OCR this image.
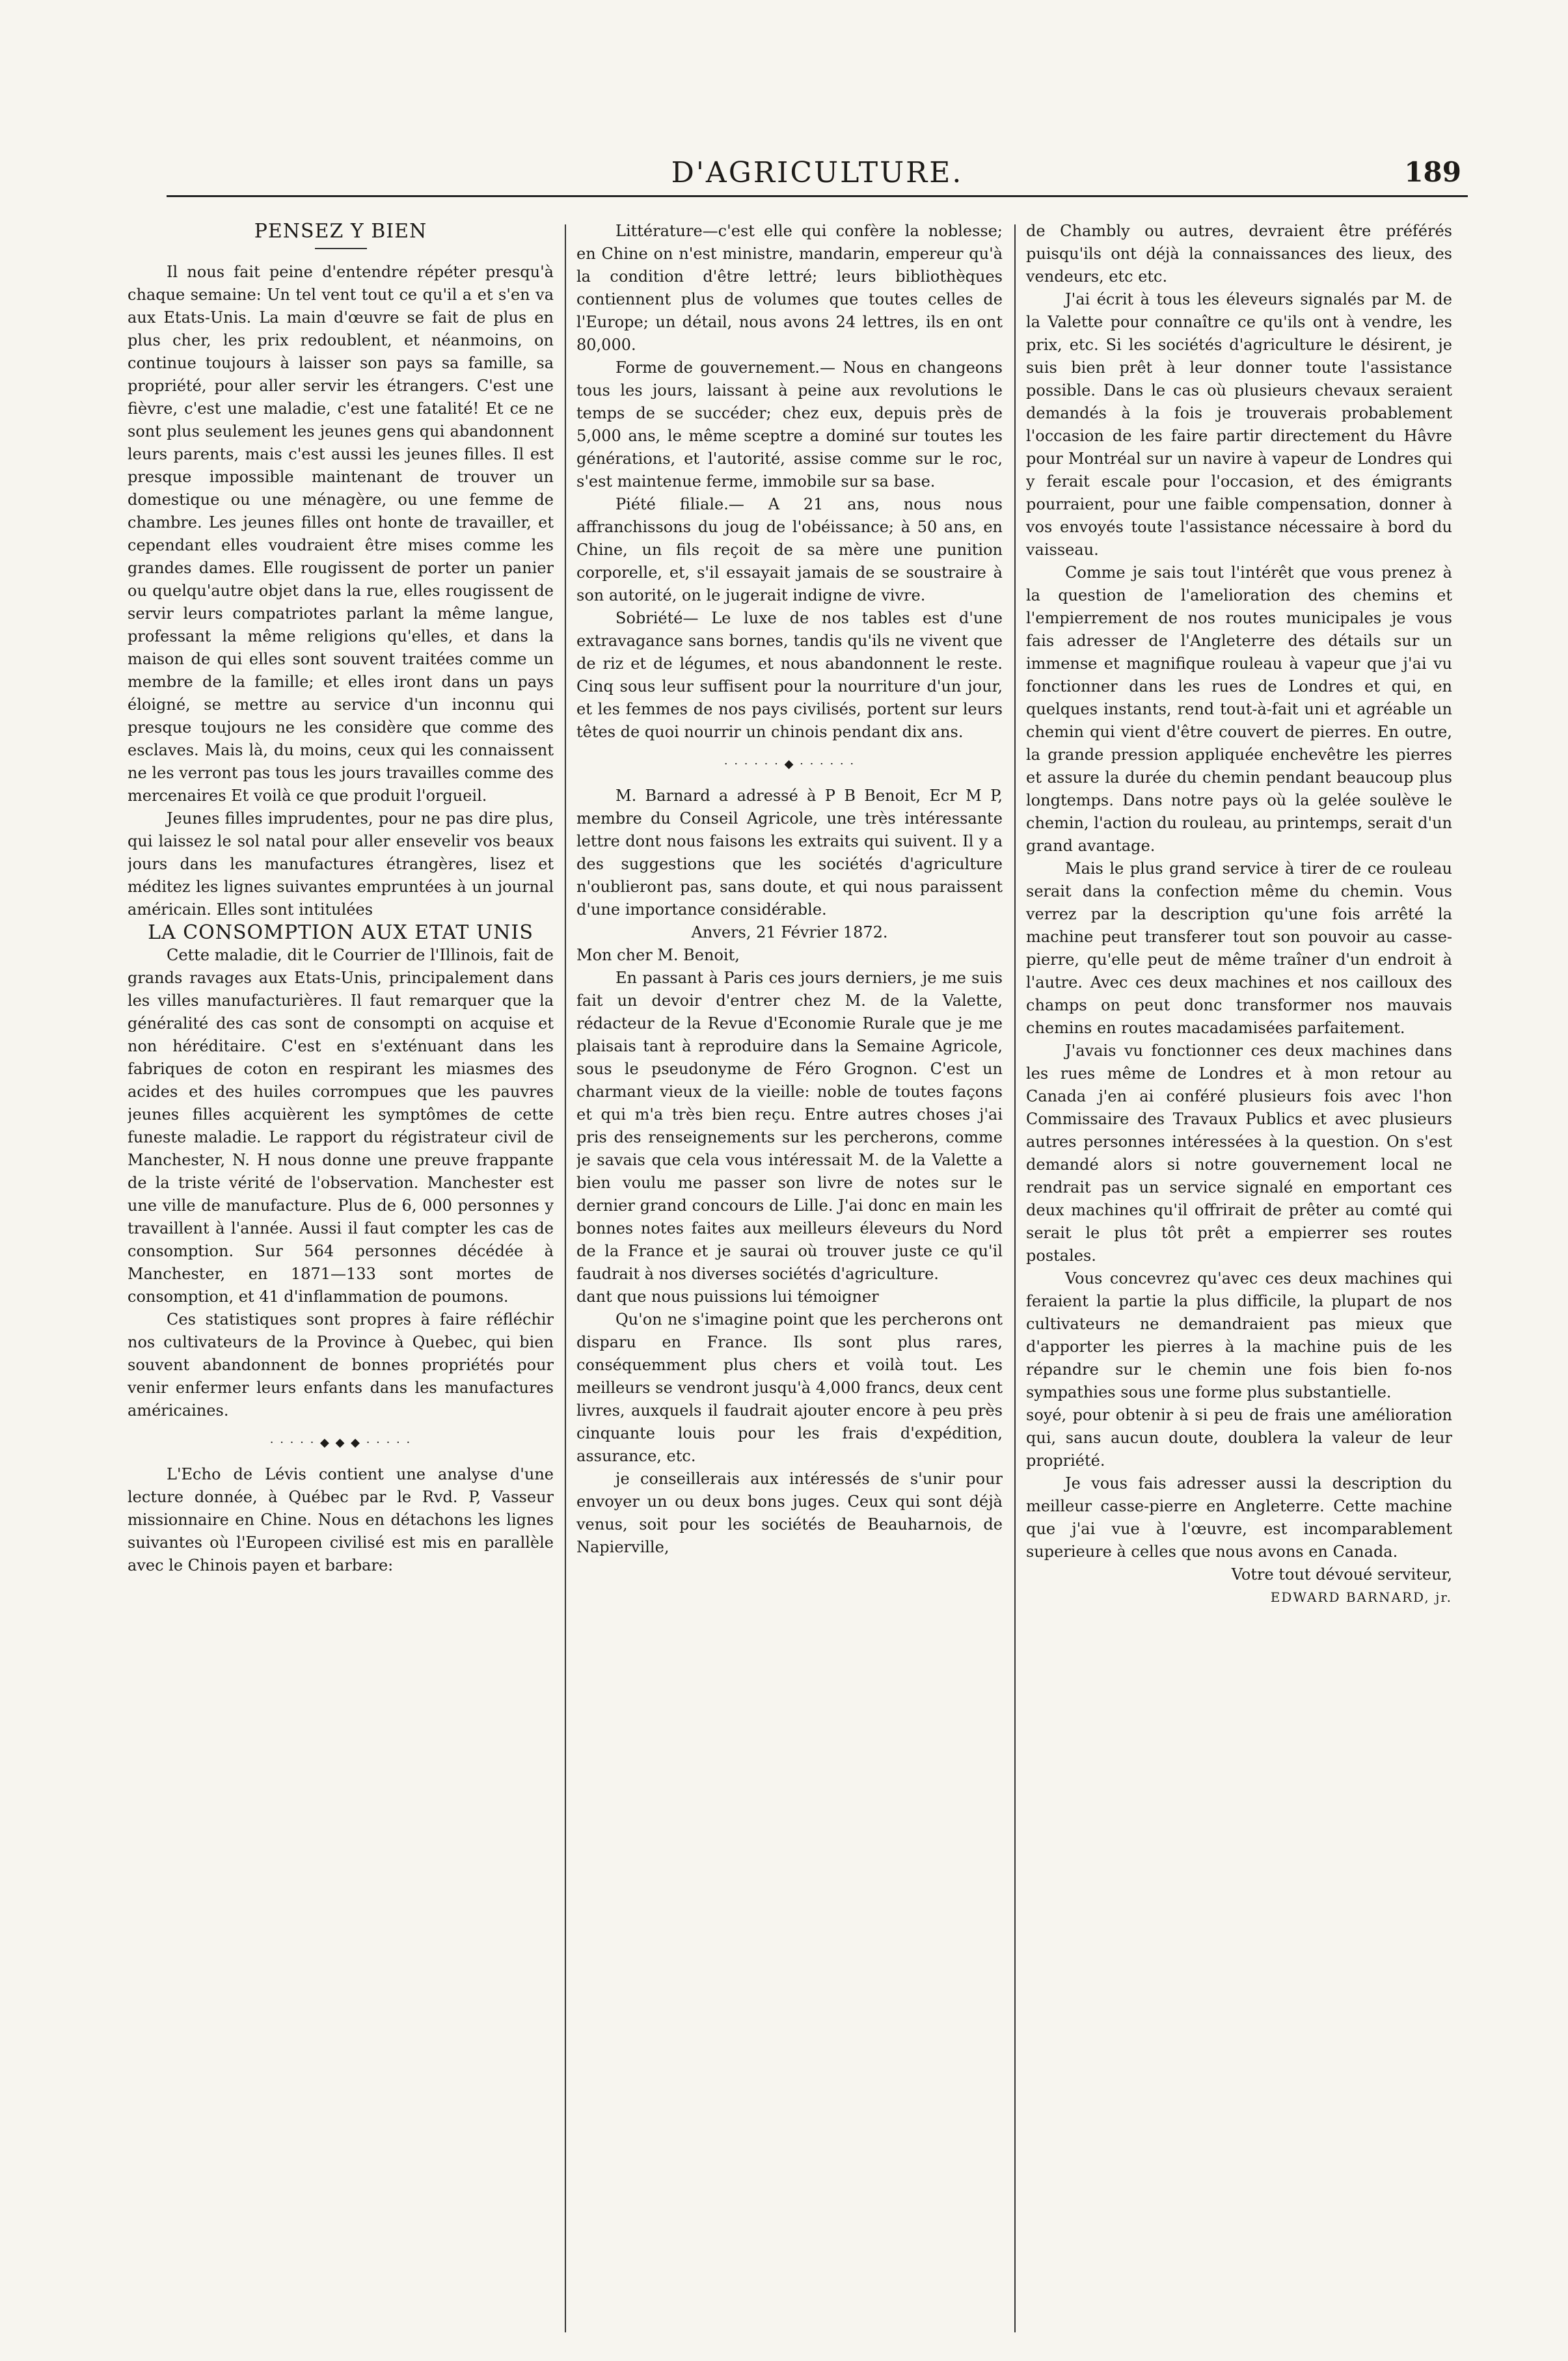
D'AGRICULTURE.	189

PENSEZ Y BIEN

Il nous fait peine d'entendre répéter presqu'à chaque semaine: Un tel vent tout ce qu'il a et s'en va aux Etats-Unis. La main d'œuvre se fait de plus en plus cher, les prix redoublent, et néanmoins, on continue toujours à laisser son pays sa famille, sa propriété, pour aller servir les étrangers. C'est une fièvre, c'est une maladie, c'est une fatalité! Et ce ne sont plus seulement les jeunes gens qui abandonnent leurs parents, mais c'est aussi les jeunes filles. Il est presque impossible maintenant de trouver un domestique ou une ménagère, ou une femme de chambre. Les jeunes filles ont honte de travailler, et cependant elles voudraient être mises comme les grandes dames. Elle rougissent de porter un panier ou quelqu'autre objet dans la rue, elles rougissent de servir leurs compatriotes parlant la même langue, professant la même religions qu'elles, et dans la maison de qui elles sont souvent traitées comme un membre de la famille; et elles iront dans un pays éloigné, se mettre au service d'un inconnu qui presque toujours ne les considère que comme des esclaves. Mais là, du moins, ceux qui les connaissent ne les verront pas tous les jours travailles comme des mercenaires Et voilà ce que produit l'orgueil.

Jeunes filles imprudentes, pour ne pas dire plus, qui laissez le sol natal pour aller ensevelir vos beaux jours dans les manufactures étrangères, lisez et méditez les lignes suivantes empruntées à un journal américain. Elles sont intitulées

LA CONSOMPTION AUX ETAT UNIS

Cette maladie, dit le Courrier de l'Illinois, fait de grands ravages aux Etats-Unis, principalement dans les villes manufacturières. Il faut remarquer que la généralité des cas sont de consompti on acquise et non héréditaire. C'est en s'exténuant dans les fabriques de coton en respirant les miasmes des acides et des huiles corrompues que les pauvres jeunes filles acquièrent les symptômes de cette funeste maladie. Le rapport du régistrateur civil de Manchester, N. H nous donne une preuve frappante de la triste vérité de l'observation. Manchester est une ville de manufacture. Plus de 6, 000 personnes y travaillent à l'année. Aussi il faut compter les cas de consomption. Sur 564 personnes décédée à Manchester, en 1871—133 sont mortes de consomption, et 41 d'inflammation de poumons.

Ces statistiques sont propres à faire réfléchir nos cultivateurs de la Province à Quebec, qui bien souvent abandonnent de bonnes propriétés pour venir enfermer leurs enfants dans les manufactures américaines.

· · · · · ◆ ◆ ◆ · · · · ·

L'Echo de Lévis contient une analyse d'une lecture donnée, à Québec par le Rvd. P, Vasseur missionnaire en Chine. Nous en détachons les lignes suivantes où l'Europeen civilisé est mis en parallèle avec le Chinois payen et barbare:

Littérature—c'est elle qui confère la noblesse; en Chine on n'est ministre, mandarin, empereur qu'à la condition d'être lettré; leurs bibliothèques contiennent plus de volumes que toutes celles de l'Europe; un détail, nous avons 24 lettres, ils en ont 80,000.

Forme de gouvernement.— Nous en changeons tous les jours, laissant à peine aux revolutions le temps de se succéder; chez eux, depuis près de 5,000 ans, le même sceptre a dominé sur toutes les générations, et l'autorité, assise comme sur le roc, s'est maintenue ferme, immobile sur sa base.

Piété filiale.— A 21 ans, nous nous affranchissons du joug de l'obéissance; à 50 ans, en Chine, un fils reçoit de sa mère une punition corporelle, et, s'il essayait jamais de se soustraire à son autorité, on le jugerait indigne de vivre.

Sobriété— Le luxe de nos tables est d'une extravagance sans bornes, tandis qu'ils ne vivent que de riz et de légumes, et nous abandonnent le reste. Cinq sous leur suffisent pour la nourriture d'un jour, et les femmes de nos pays civilisés, portent sur leurs têtes de quoi nourrir un chinois pendant dix ans.

· · · · · · ◆ · · · · · ·

M. Barnard a adressé à P B Benoit, Ecr M P, membre du Conseil Agricole, une très intéressante lettre dont nous faisons les extraits qui suivent. Il y a des suggestions que les sociétés d'agriculture n'oublieront pas, sans doute, et qui nous paraissent d'une importance considérable.

Anvers, 21 Février 1872.

Mon cher M. Benoit,

En passant à Paris ces jours derniers, je me suis fait un devoir d'entrer chez M. de la Valette, rédacteur de la Revue d'Economie Rurale que je me plaisais tant à reproduire dans la Semaine Agricole, sous le pseudonyme de Féro Grognon. C'est un charmant vieux de la vieille: noble de toutes façons et qui m'a très bien reçu. Entre autres choses j'ai pris des renseignements sur les percherons, comme je savais que cela vous intéressait M. de la Valette a bien voulu me passer son livre de notes sur le dernier grand concours de Lille. J'ai donc en main les bonnes notes faites aux meilleurs éleveurs du Nord de la France et je saurai où trouver juste ce qu'il faudrait à nos diverses sociétés d'agriculture.

dant que nous puissions lui témoigner

Qu'on ne s'imagine point que les percherons ont disparu en France. Ils sont plus rares, conséquemment plus chers et voilà tout. Les meilleurs se vendront jusqu'à 4,000 francs, deux cent livres, auxquels il faudrait ajouter encore à peu près cinquante louis pour les frais d'expédition, assurance, etc.

je conseillerais aux intéressés de s'unir pour envoyer un ou deux bons juges. Ceux qui sont déjà venus, soit pour les sociétés de Beauharnois, de Napierville,

de Chambly ou autres, devraient être préférés puisqu'ils ont déjà la connaissances des lieux, des vendeurs, etc etc.

J'ai écrit à tous les éleveurs signalés par M. de la Valette pour connaître ce qu'ils ont à vendre, les prix, etc. Si les sociétés d'agriculture le désirent, je suis bien prêt à leur donner toute l'assistance possible. Dans le cas où plusieurs chevaux seraient demandés à la fois je trouverais probablement l'occasion de les faire partir directement du Hâvre pour Montréal sur un navire à vapeur de Londres qui y ferait escale pour l'occasion, et des émigrants pourraient, pour une faible compensation, donner à vos envoyés toute l'assistance nécessaire à bord du vaisseau.

Comme je sais tout l'intérêt que vous prenez à la question de l'amelioration des chemins et l'empierrement de nos routes municipales je vous fais adresser de l'Angleterre des détails sur un immense et magnifique rouleau à vapeur que j'ai vu fonctionner dans les rues de Londres et qui, en quelques instants, rend tout-à-fait uni et agréable un chemin qui vient d'être couvert de pierres. En outre, la grande pression appliquée enchevêtre les pierres et assure la durée du chemin pendant beaucoup plus longtemps. Dans notre pays où la gelée soulève le chemin, l'action du rouleau, au printemps, serait d'un grand avantage.

Mais le plus grand service à tirer de ce rouleau serait dans la confection même du chemin. Vous verrez par la description qu'une fois arrêté la machine peut transferer tout son pouvoir au casse-pierre, qu'elle peut de même traîner d'un endroit à l'autre. Avec ces deux machines et nos cailloux des champs on peut donc transformer nos mauvais chemins en routes macadamisées parfaitement.

J'avais vu fonctionner ces deux machines dans les rues même de Londres et à mon retour au Canada j'en ai conféré plusieurs fois avec l'hon Commissaire des Travaux Publics et avec plusieurs autres personnes intéressées à la question. On s'est demandé alors si notre gouvernement local ne rendrait pas un service signalé en emportant ces deux machines qu'il offrirait de prêter au comté qui serait le plus tôt prêt a empierrer ses routes postales.

Vous concevrez qu'avec ces deux machines qui feraient la partie la plus difficile, la plupart de nos cultivateurs ne demandraient pas mieux que d'apporter les pierres à la machine puis de les répandre sur le chemin une fois bien fo-nos sympathies sous une forme plus substantielle.

soyé, pour obtenir à si peu de frais une amélioration qui, sans aucun doute, doublera la valeur de leur propriété.

Je vous fais adresser aussi la description du meilleur casse-pierre en Angleterre. Cette machine que j'ai vue à l'œuvre, est incomparablement superieure à celles que nous avons en Canada.

Votre tout dévoué serviteur,

EDWARD BARNARD, jr.
